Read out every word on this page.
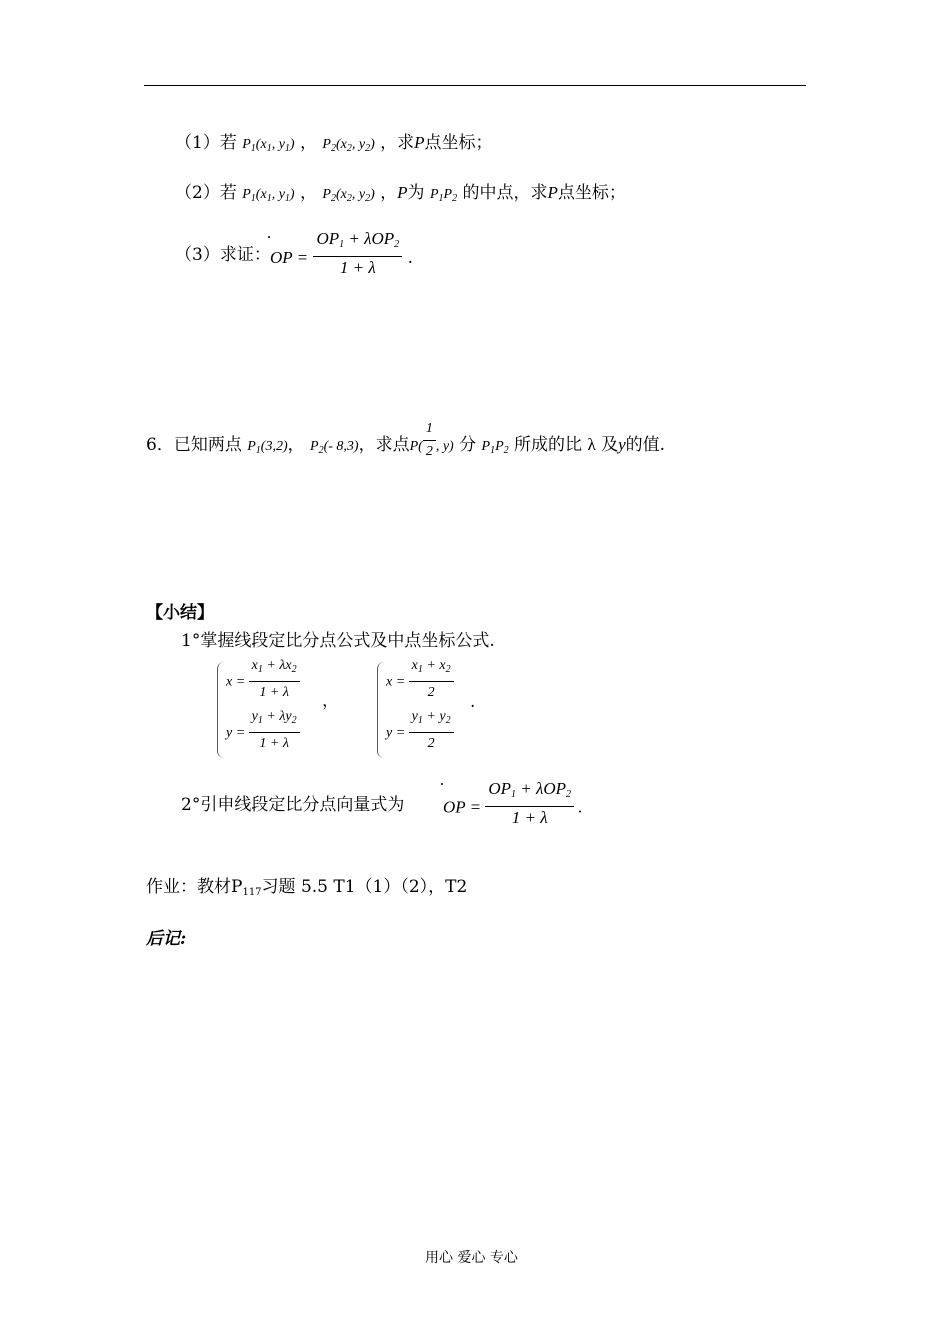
（1）若 $P_1(x_1$, $y_1$) ， $P_2(x_2$, $y_2$) ，求P点坐标；
（2）若 $P_1(x_1$, $y_1$) ， $P_2(x_2$, $y_2$) ，P为 $P_1P_2$ 的中点，求P点坐标；
（3）求证： OP = $\frac{OP_1 + \lambda OP_2}{1 + \lambda}$ .
6．已知两点 $P_1(3,2)$， $P_2(-$ 8,3)，求点$P( \frac{1}{2}$ , y) 分 $P_1P_2$ 所成的比 λ 及y的值.
【小结】
1°掌握线段定比分点公式及中点坐标公式.
$x = \frac{x_1 + \lambda x_2}{1 + \lambda}$ ，
$y = \frac{y_1 + \lambda y_2}{1 + \lambda}$
$x = \frac{x_1 + x_2}{2}$ .
$y = \frac{y_1 + y_2}{2}$
2°引申线段定比分点向量式为 OP = $\frac{OP_1 + \lambda OP_2}{1 + \lambda}$ .
作业：教材$P_{117}$习题 5.5 T1（1）（2），T2
后记:
用心 爱心 专心
